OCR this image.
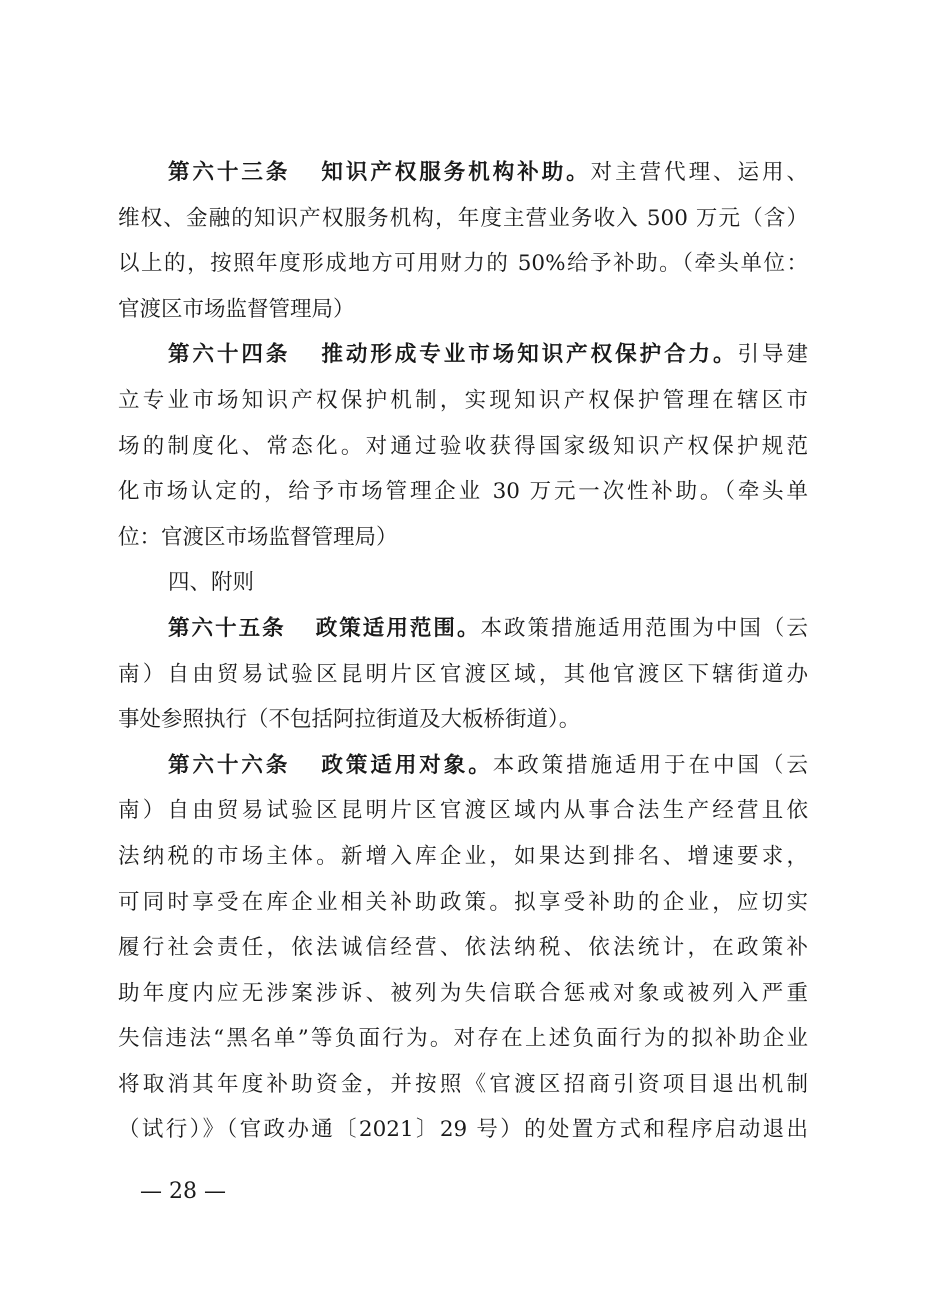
第六十三条 知识产权服务机构补助。对主营代理、运用、
维权、金融的知识产权服务机构，年度主营业务收入 500 万元（含）
以上的，按照年度形成地方可用财力的 50%给予补助。（牵头单位：
官渡区市场监督管理局）
第六十四条 推动形成专业市场知识产权保护合力。引导建
立专业市场知识产权保护机制，实现知识产权保护管理在辖区市
场的制度化、常态化。对通过验收获得国家级知识产权保护规范
化市场认定的，给予市场管理企业 30 万元一次性补助。（牵头单
位：官渡区市场监督管理局）
四、附则
第六十五条 政策适用范围。本政策措施适用范围为中国（云
南）自由贸易试验区昆明片区官渡区域，其他官渡区下辖街道办
事处参照执行（不包括阿拉街道及大板桥街道）。
第六十六条 政策适用对象。本政策措施适用于在中国（云
南）自由贸易试验区昆明片区官渡区域内从事合法生产经营且依
法纳税的市场主体。新增入库企业，如果达到排名、增速要求，
可同时享受在库企业相关补助政策。拟享受补助的企业，应切实
履行社会责任，依法诚信经营、依法纳税、依法统计，在政策补
助年度内应无涉案涉诉、被列为失信联合惩戒对象或被列入严重
失信违法“黑名单”等负面行为。对存在上述负面行为的拟补助企业
将取消其年度补助资金，并按照《官渡区招商引资项目退出机制
（试行）》（官政办通〔2021〕29 号）的处置方式和程序启动退出
— 28 —
